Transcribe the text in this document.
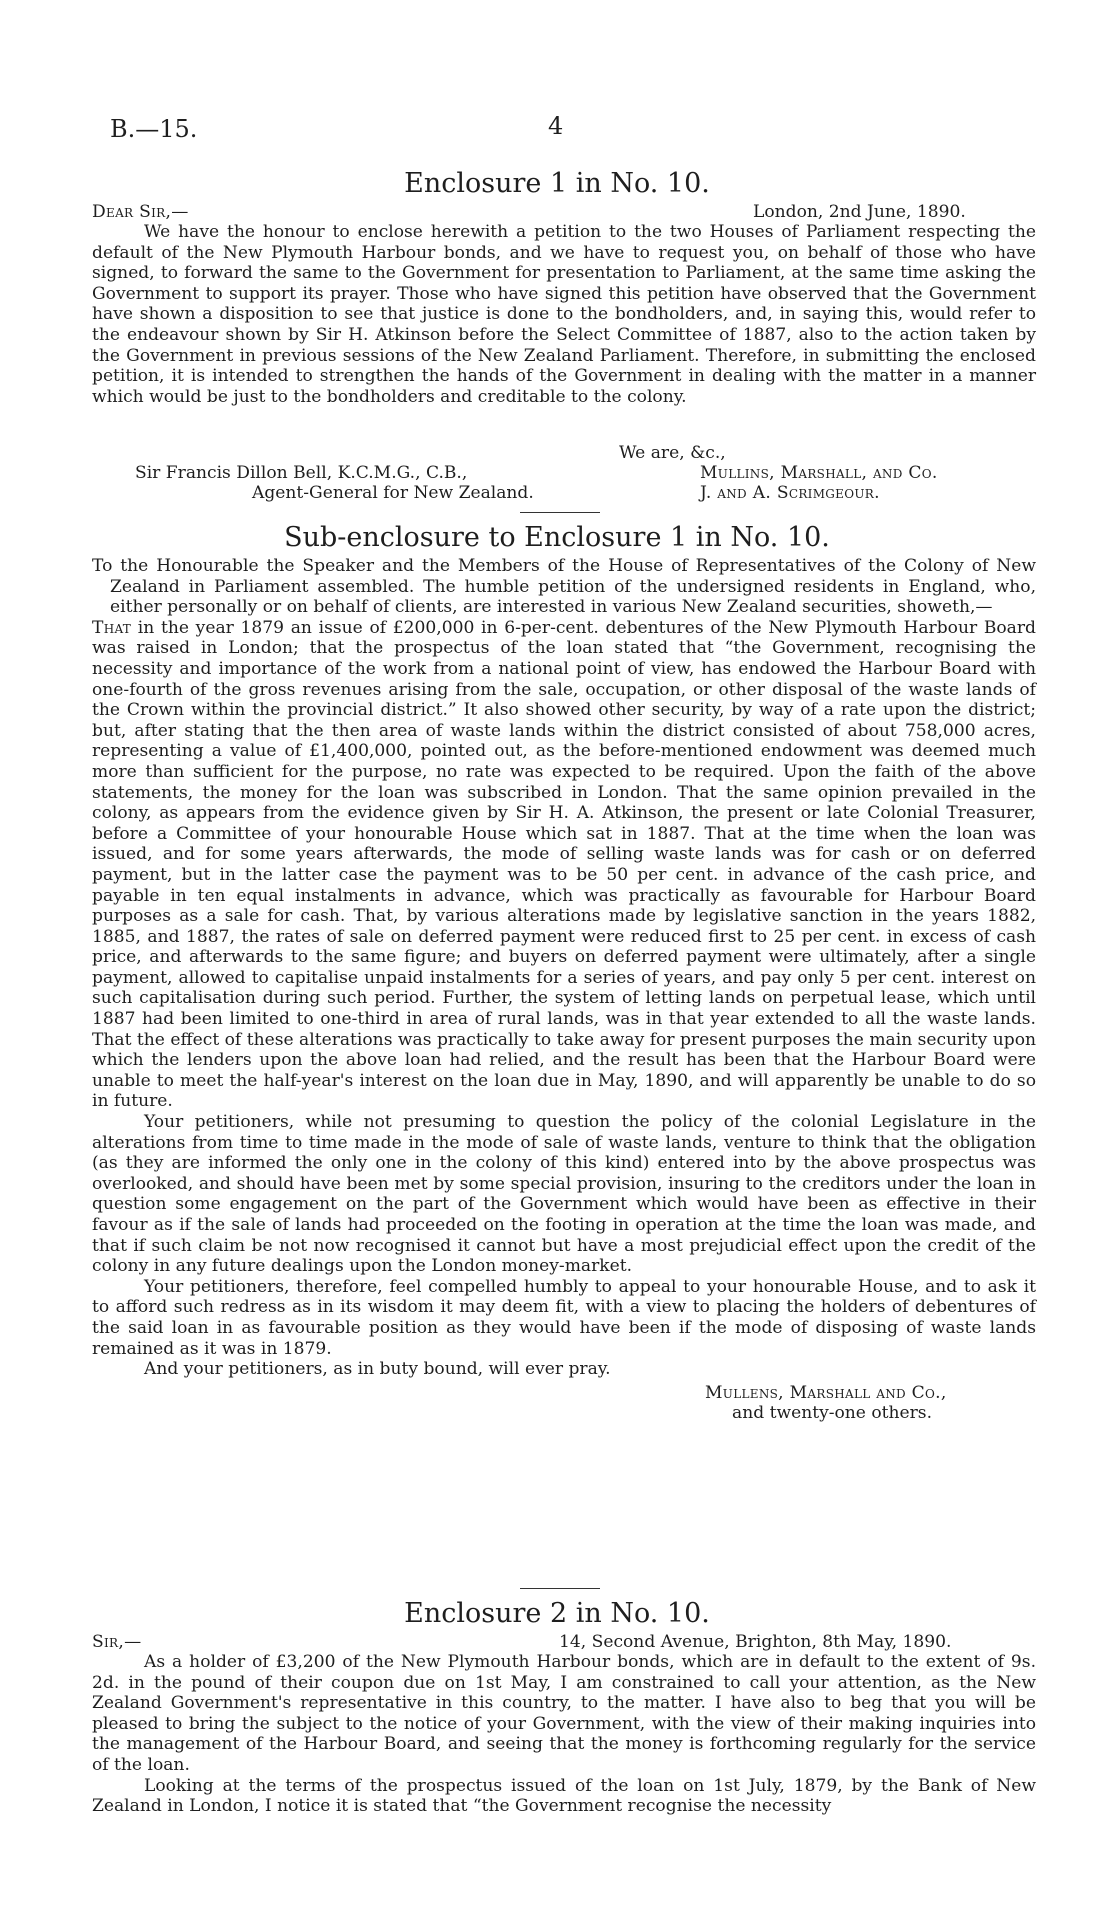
B.—15.	4
Enclosure 1 in No. 10.
Dear Sir,—	London, 2nd June, 1890.

We have the honour to enclose herewith a petition to the two Houses of Parliament respecting the default of the New Plymouth Harbour bonds, and we have to request you, on behalf of those who have signed, to forward the same to the Government for presentation to Parliament, at the same time asking the Government to support its prayer. Those who have signed this petition have observed that the Government have shown a disposition to see that justice is done to the bondholders, and, in saying this, would refer to the endeavour shown by Sir H. Atkinson before the Select Committee of 1887, also to the action taken by the Government in previous sessions of the New Zealand Parliament. Therefore, in submitting the enclosed petition, it is intended to strengthen the hands of the Government in dealing with the matter in a manner which would be just to the bondholders and creditable to the colony.

We are, &c.,
Sir Francis Dillon Bell, K.C.M.G., C.B.,	Mullins, Marshall, and Co.
Agent-General for New Zealand.	J. and A. Scrimgeour.
Sub-enclosure to Enclosure 1 in No. 10.

To the Honourable the Speaker and the Members of the House of Representatives of the Colony of New Zealand in Parliament assembled. The humble petition of the undersigned residents in England, who, either personally or on behalf of clients, are interested in various New Zealand securities, showeth,—

That in the year 1879 an issue of £200,000 in 6-per-cent. debentures of the New Plymouth Harbour Board was raised in London; that the prospectus of the loan stated that “the Government, recognising the necessity and importance of the work from a national point of view, has endowed the Harbour Board with one-fourth of the gross revenues arising from the sale, occupation, or other disposal of the waste lands of the Crown within the provincial district.” It also showed other security, by way of a rate upon the district; but, after stating that the then area of waste lands within the district consisted of about 758,000 acres, representing a value of £1,400,000, pointed out, as the before-mentioned endowment was deemed much more than sufficient for the purpose, no rate was expected to be required. Upon the faith of the above statements, the money for the loan was subscribed in London. That the same opinion prevailed in the colony, as appears from the evidence given by Sir H. A. Atkinson, the present or late Colonial Treasurer, before a Committee of your honourable House which sat in 1887. That at the time when the loan was issued, and for some years afterwards, the mode of selling waste lands was for cash or on deferred payment, but in the latter case the payment was to be 50 per cent. in advance of the cash price, and payable in ten equal instalments in advance, which was practically as favourable for Harbour Board purposes as a sale for cash. That, by various alterations made by legislative sanction in the years 1882, 1885, and 1887, the rates of sale on deferred payment were reduced first to 25 per cent. in excess of cash price, and afterwards to the same figure; and buyers on deferred payment were ultimately, after a single payment, allowed to capitalise unpaid instalments for a series of years, and pay only 5 per cent. interest on such capitalisation during such period. Further, the system of letting lands on perpetual lease, which until 1887 had been limited to one-third in area of rural lands, was in that year extended to all the waste lands. That the effect of these alterations was practically to take away for present purposes the main security upon which the lenders upon the above loan had relied, and the result has been that the Harbour Board were unable to meet the half-year's interest on the loan due in May, 1890, and will apparently be unable to do so in future.

Your petitioners, while not presuming to question the policy of the colonial Legislature in the alterations from time to time made in the mode of sale of waste lands, venture to think that the obligation (as they are informed the only one in the colony of this kind) entered into by the above prospectus was overlooked, and should have been met by some special provision, insuring to the creditors under the loan in question some engagement on the part of the Government which would have been as effective in their favour as if the sale of lands had proceeded on the footing in operation at the time the loan was made, and that if such claim be not now recognised it cannot but have a most prejudicial effect upon the credit of the colony in any future dealings upon the London money-market.

Your petitioners, therefore, feel compelled humbly to appeal to your honourable House, and to ask it to afford such redress as in its wisdom it may deem fit, with a view to placing the holders of debentures of the said loan in as favourable position as they would have been if the mode of disposing of waste lands remained as it was in 1879.

And your petitioners, as in buty bound, will ever pray.

Mullens, Marshall and Co.,
and twenty-one others.
Enclosure 2 in No. 10.
Sir,—	14, Second Avenue, Brighton, 8th May, 1890.

As a holder of £3,200 of the New Plymouth Harbour bonds, which are in default to the extent of 9s. 2d. in the pound of their coupon due on 1st May, I am constrained to call your attention, as the New Zealand Government's representative in this country, to the matter. I have also to beg that you will be pleased to bring the subject to the notice of your Government, with the view of their making inquiries into the management of the Harbour Board, and seeing that the money is forthcoming regularly for the service of the loan.

Looking at the terms of the prospectus issued of the loan on 1st July, 1879, by the Bank of New Zealand in London, I notice it is stated that “the Government recognise the necessity
